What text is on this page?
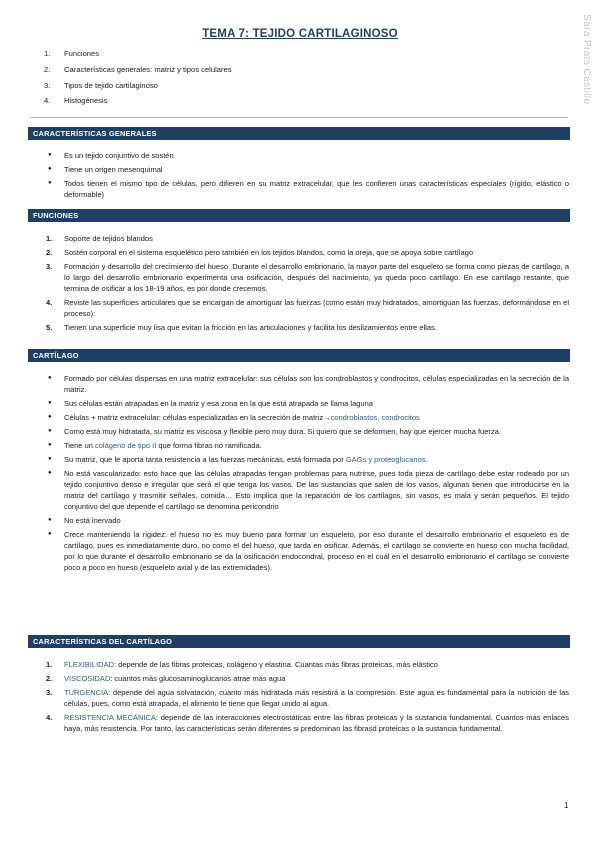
TEMA 7: TEJIDO CARTILAGINOSO	Sara Prats Castillo
1. Funciones
2. Características generales: matriz y tipos celulares
3. Tipos de tejido cartilaginoso
4. Histogénesis
CARACTERÍSTICAS GENERALES
● Es un tejido conjuntivo de sostén
● Tiene un origen mesenquimal
● Todos tienen el mismo tipo de células, pero difieren en su matriz extracelular, que les confieren unas características especiales (rígido, elástico o deformable)
FUNCIONES
1. Soporte de tejidos blandos
2. Sostén corporal en el sistema esquelético pero también en los tejidos blandos, como la oreja, que se apoya sobre cartílago
3. Formación y desarrollo del crecimiento del hueso. Durante el desarrollo embrionario, la mayor parte del esqueleto se forma como piezas de cartílago, a lo largo del desarrollo embrionario experimenta una osificación, después del nacimiento, ya queda poco cartílago. En ese cartílago restante, que termina de osificar a los 18-19 años, es por donde crecemos.
4. Reviste las superficies articulares que se encargan de amortiguar las fuerzas (como están muy hidratados, amortiguan las fuerzas, deformándose en el proceso):
5. Tienen una superficie muy lisa que evitan la fricción en las articulaciones y facilita los deslizamientos entre ellas.
CARTÍLAGO
● Formado por células dispersas en una matriz extracelular: sus células son los condroblastos y condrocitos, células especializadas en la secreción de la matriz.
● Sus células están atrapadas en la matriz y esa zona en la que está atrapada se llama laguna
● Células + matriz extracelular: células especializadas en la secreción de matriz→condroblastos, condrocitos
● Como está muy hidratada, su matriz es viscosa y flexible pero muy dura. Si quiero que se deformen, hay que ejercer mucha fuerza.
● Tiene un colágeno de tipo II que forma fibras no ramificada.
● Su matriz, que le aporta tanta resistencia a las fuerzas mecánicas, está formada por GAGs y proteoglucanos.
● No está vascularizado: esto hace que las células atrapadas tengan problemas para nutrirse, pues toda pieza de cartílago debe estar rodeado por un tejido conjuntivo denso e irregular que será el que tenga los vasos. De las sustancias que salen de los vasos, algunas tienen que introducirse en la matriz del cartílago y trasmitir señales, comida… Esto implica que la reparación de los cartílagos, sin vasos, es mala y serán pequeños. El tejido conjuntivo del que depende el cartílago se denomina pericondrio
● No está inervado
● Crece manteniendo la rigidez: el hueso no es muy bueno para formar un esqueleto, por eso durante el desarrollo embrionario el esqueleto es de cartílago, pues es inmediatamente duro, no como el del hueso, que tarda en osificar. Además, el cartílago se convierte en hueso con mucha facilidad, por lo que durante el desarrollo embrionario se da la osificación endocondral, proceso en el cuál en el desarrollo embrionario el cartílago se convierte poco a poco en hueso (esqueleto axial y de las extremidades).
CARACTERÍSTICAS DEL CARTÍLAGO
1. FLEXIBILIDAD: depende de las fibras proteicas, colágeno y elastina. Cuantas más fibras proteicas, más elástico
2. VISCOSIDAD: cuantos más glucosaminoglucanos atrae más agua
3. TURGENCIA: depende del agua solvatación, cuanto más hidratada más resistirá a la compresión. Este agua es fundamental para la nutrición de las células, pues, como está atrapada, el alimento le tiene que llegar unido al agua.
4. RESISTENCIA MECÁNICA: depende de las interacciones electrostáticas entre las fibras proteicas y la sustancia fundamental. Cuantos más enlaces haya, más resistencia. Por tanto, las características serán diferentes si predominan las fibrasd proteicas o la sustancia fundamental.
1
